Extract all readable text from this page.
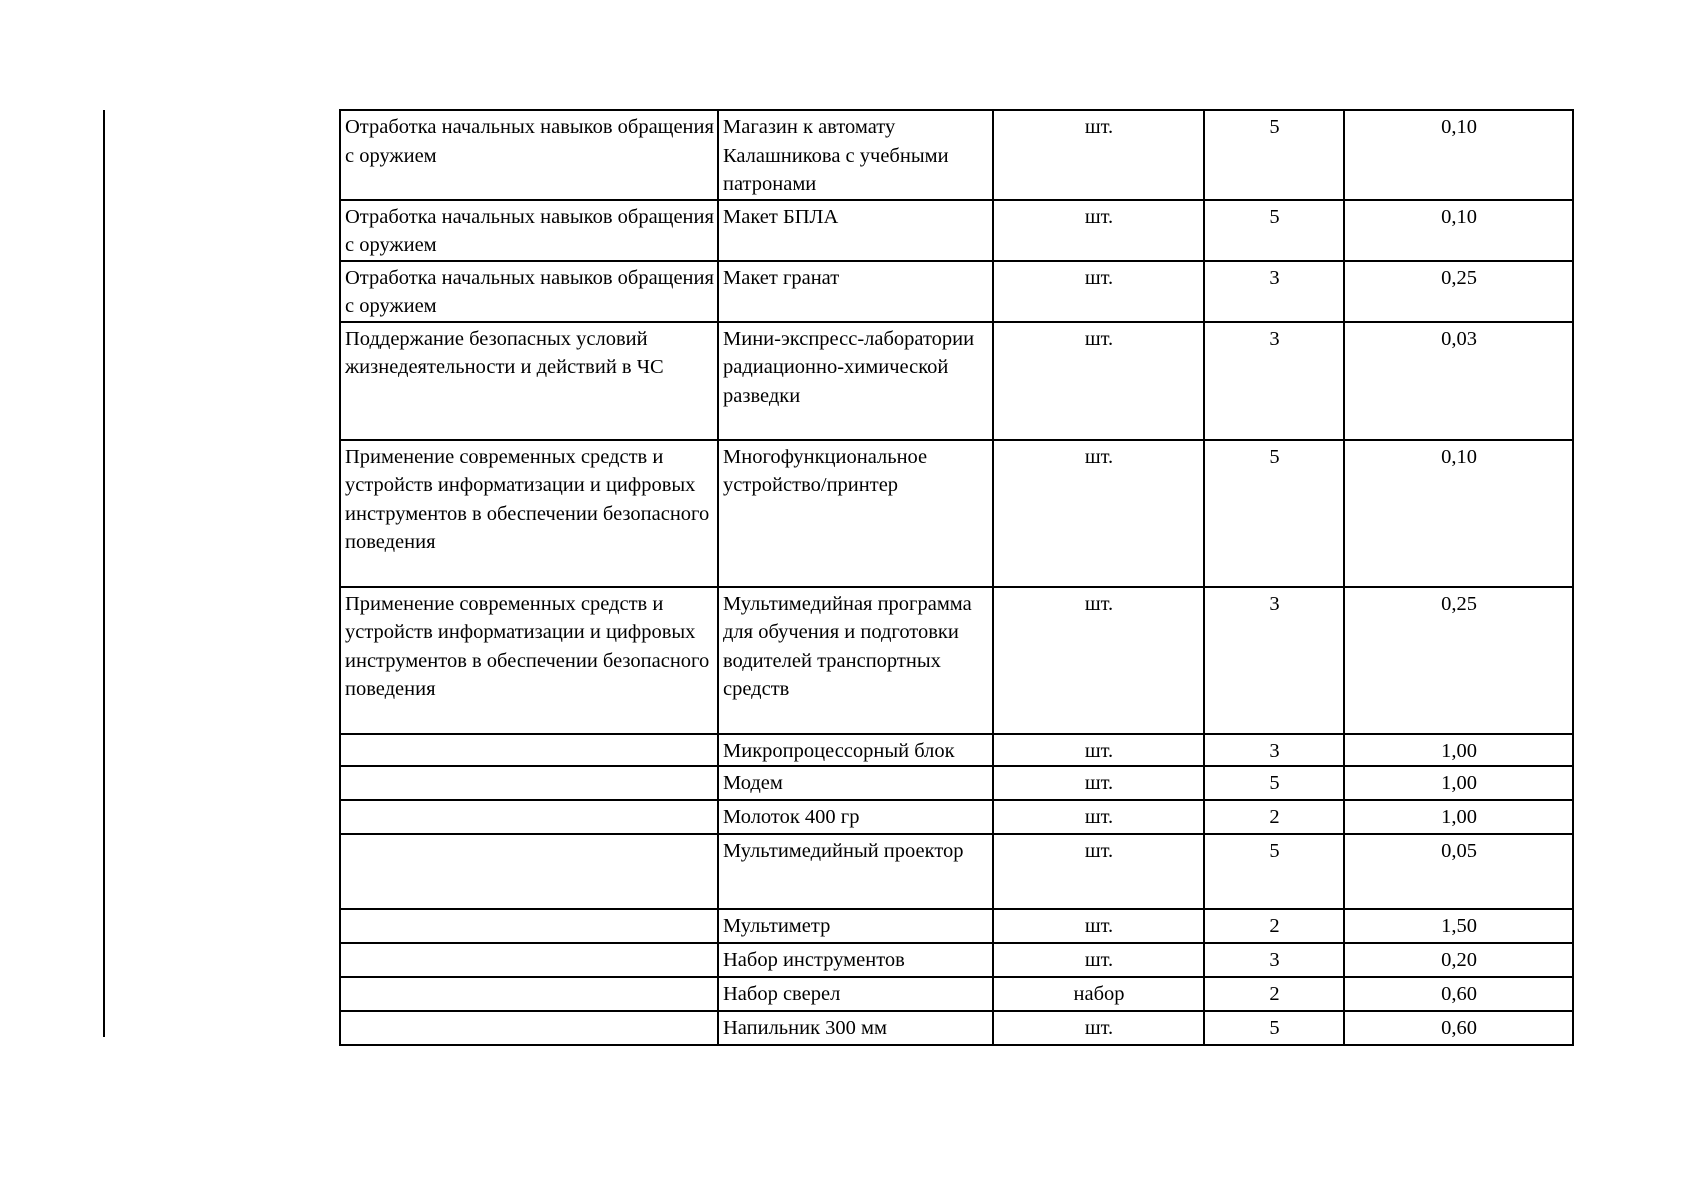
Отработка начальных навыков обращения с оружием	Магазин к автомату Калашникова с учебными патронами	шт.	5	0,10
Отработка начальных навыков обращения с оружием	Макет БПЛА	шт.	5	0,10
Отработка начальных навыков обращения с оружием	Макет гранат	шт.	3	0,25
Поддержание безопасных условий жизнедеятельности и действий в ЧС	Мини-экспресс-лаборатории радиационно-химической разведки	шт.	3	0,03
Применение современных средств и устройств информатизации и цифровых инструментов в обеспечении безопасного поведения	Многофункциональное устройство/принтер	шт.	5	0,10
Применение современных средств и устройств информатизации и цифровых инструментов в обеспечении безопасного поведения	Мультимедийная программа для обучения и подготовки водителей транспортных средств	шт.	3	0,25
	Микропроцессорный блок	шт.	3	1,00
	Модем	шт.	5	1,00
	Молоток 400 гр	шт.	2	1,00
	Мультимедийный проектор	шт.	5	0,05
	Мультиметр	шт.	2	1,50
	Набор инструментов	шт.	3	0,20
	Набор сверел	набор	2	0,60
	Напильник 300 мм	шт.	5	0,60
